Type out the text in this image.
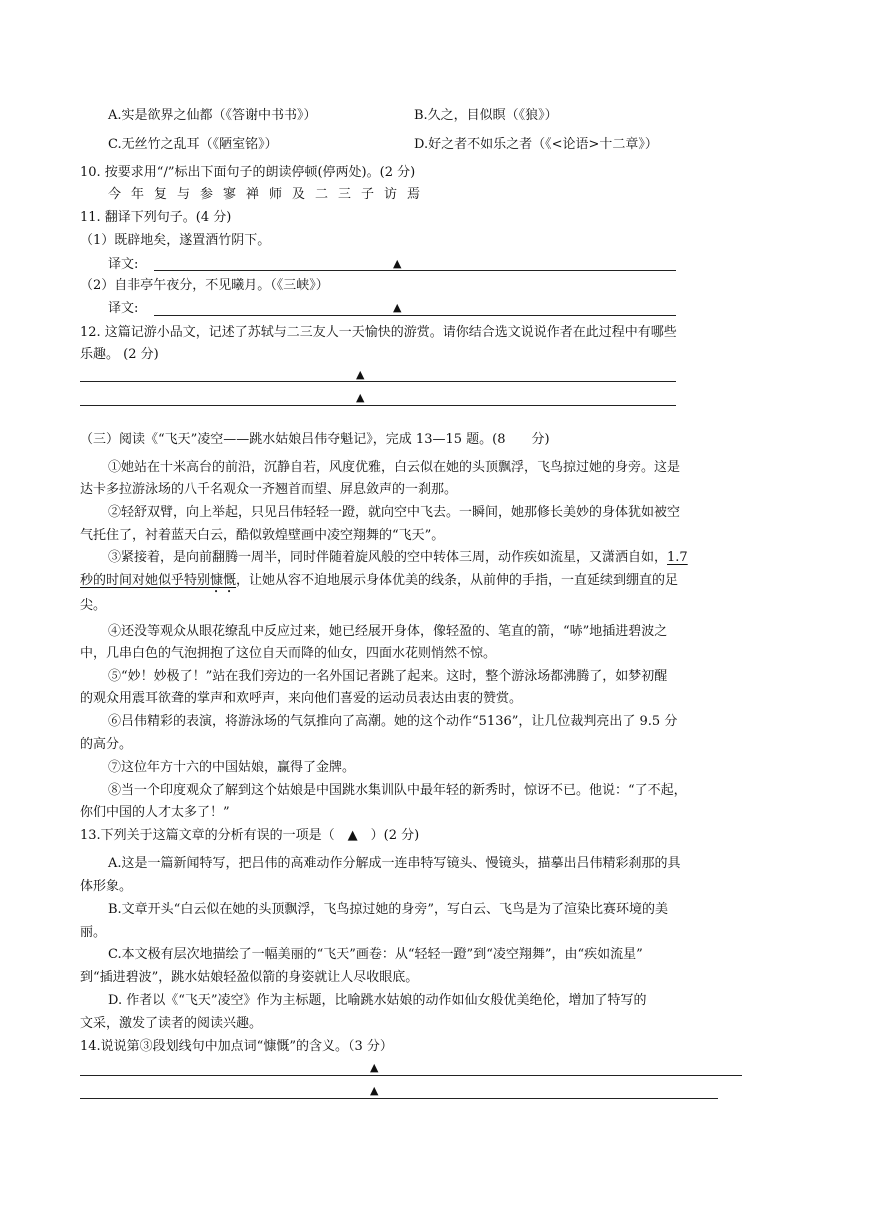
A.实是欲界之仙都（《答谢中书书》）	B.久之，目似瞑（《狼》）
C.无丝竹之乱耳（《陋室铭》）	D.好之者不如乐之者（《<论语>十二章》）
10. 按要求用“/”标出下面句子的朗读停顿(停两处)。(2 分)
今年复与参寥禅师及二三子访焉
11. 翻译下列句子。(4 分)
（1）既辟地矣，遂置酒竹阴下。
译文:	▲
（2）自非亭午夜分，不见曦月。（《三峡》）
译文:	▲
12. 这篇记游小品文，记述了苏轼与二三友人一天愉快的游赏。请你结合选文说说作者在此过程中有哪些
乐趣。 (2 分)
▲
▲
（三）阅读《“飞天”凌空——跳水姑娘吕伟夺魁记》，完成 13—15 题。(8　　分)
①她站在十米高台的前沿，沉静自若，风度优雅，白云似在她的头顶飘浮，飞鸟掠过她的身旁。这是
达卡多拉游泳场的八千名观众一齐翘首而望、屏息敛声的一刹那。
②轻舒双臂，向上举起，只见吕伟轻轻一蹬，就向空中飞去。一瞬间，她那修长美妙的身体犹如被空
气托住了，衬着蓝天白云，酷似敦煌壁画中凌空翔舞的“飞天”。
③紧接着，是向前翻腾一周半，同时伴随着旋风般的空中转体三周，动作疾如流星，又潇洒自如，1.7
秒的时间对她似乎特别慷慨，让她从容不迫地展示身体优美的线条，从前伸的手指，一直延续到绷直的足
尖。
④还没等观众从眼花缭乱中反应过来，她已经展开身体，像轻盈的、笔直的箭，“哧”地插进碧波之
中，几串白色的气泡拥抱了这位自天而降的仙女，四面水花则悄然不惊。
⑤“妙！妙极了！”站在我们旁边的一名外国记者跳了起来。这时，整个游泳场都沸腾了，如梦初醒
的观众用震耳欲聋的掌声和欢呼声，来向他们喜爱的运动员表达由衷的赞赏。
⑥吕伟精彩的表演，将游泳场的气氛推向了高潮。她的这个动作“5136”，让几位裁判亮出了 9.5 分
的高分。
⑦这位年方十六的中国姑娘，赢得了金牌。
⑧当一个印度观众了解到这个姑娘是中国跳水集训队中最年轻的新秀时，惊讶不已。他说：“了不起，
你们中国的人才太多了！”
13.下列关于这篇文章的分析有误的一项是（　▲　）(2 分)
A.这是一篇新闻特写，把吕伟的高难动作分解成一连串特写镜头、慢镜头，描摹出吕伟精彩刹那的具
体形象。
B.文章开头“白云似在她的头顶飘浮，飞鸟掠过她的身旁”，写白云、飞鸟是为了渲染比赛环境的美
丽。
C.本文极有层次地描绘了一幅美丽的“飞天”画卷：从“轻轻一蹬”到“凌空翔舞”，由“疾如流星”
到“插进碧波”，跳水姑娘轻盈似箭的身姿就让人尽收眼底。
D. 作者以《“飞天”凌空》作为主标题，比喻跳水姑娘的动作如仙女般优美绝伦，增加了特写的
文采，激发了读者的阅读兴趣。
14.说说第③段划线句中加点词“慷慨”的含义。（3 分）
▲
▲
